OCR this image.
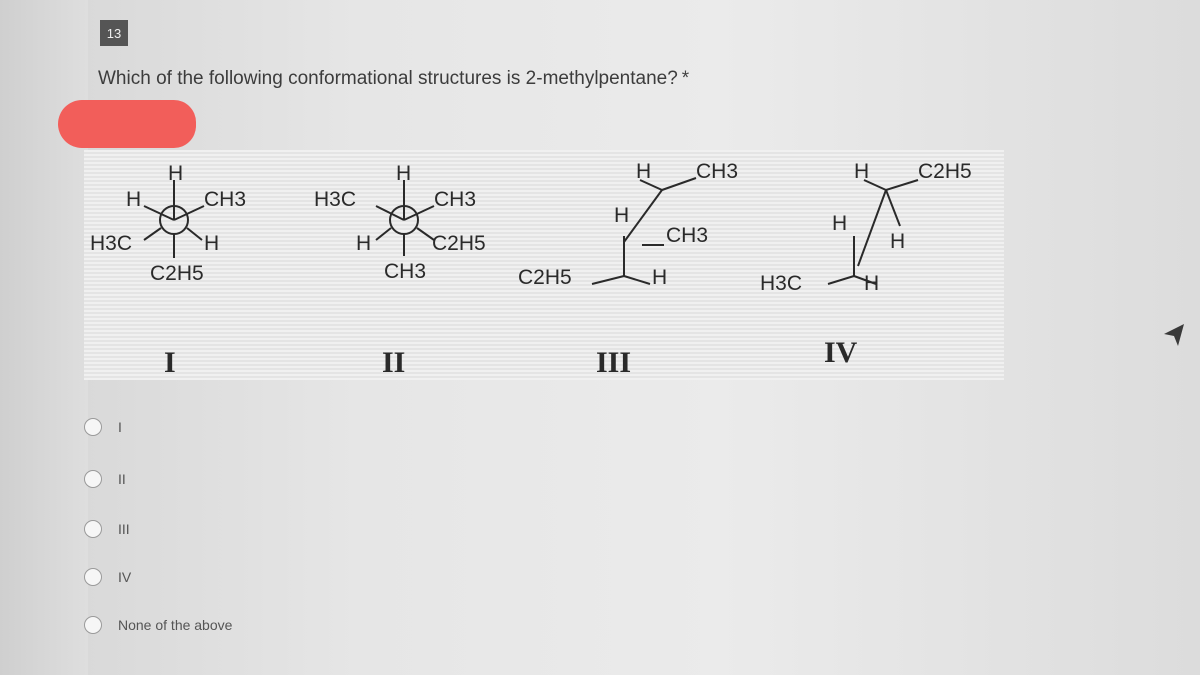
13
Which of the following conformational structures is 2-methylpentane? *
H
H	CH3
H3C	H
C2H5
I
H
H3C	CH3
H	C2H5
CH3
II
H CH3
H
CH3
C2H5	H
III
H C2H5
H
H
H3C	H
IV
I
II
III
IV
None of the above
